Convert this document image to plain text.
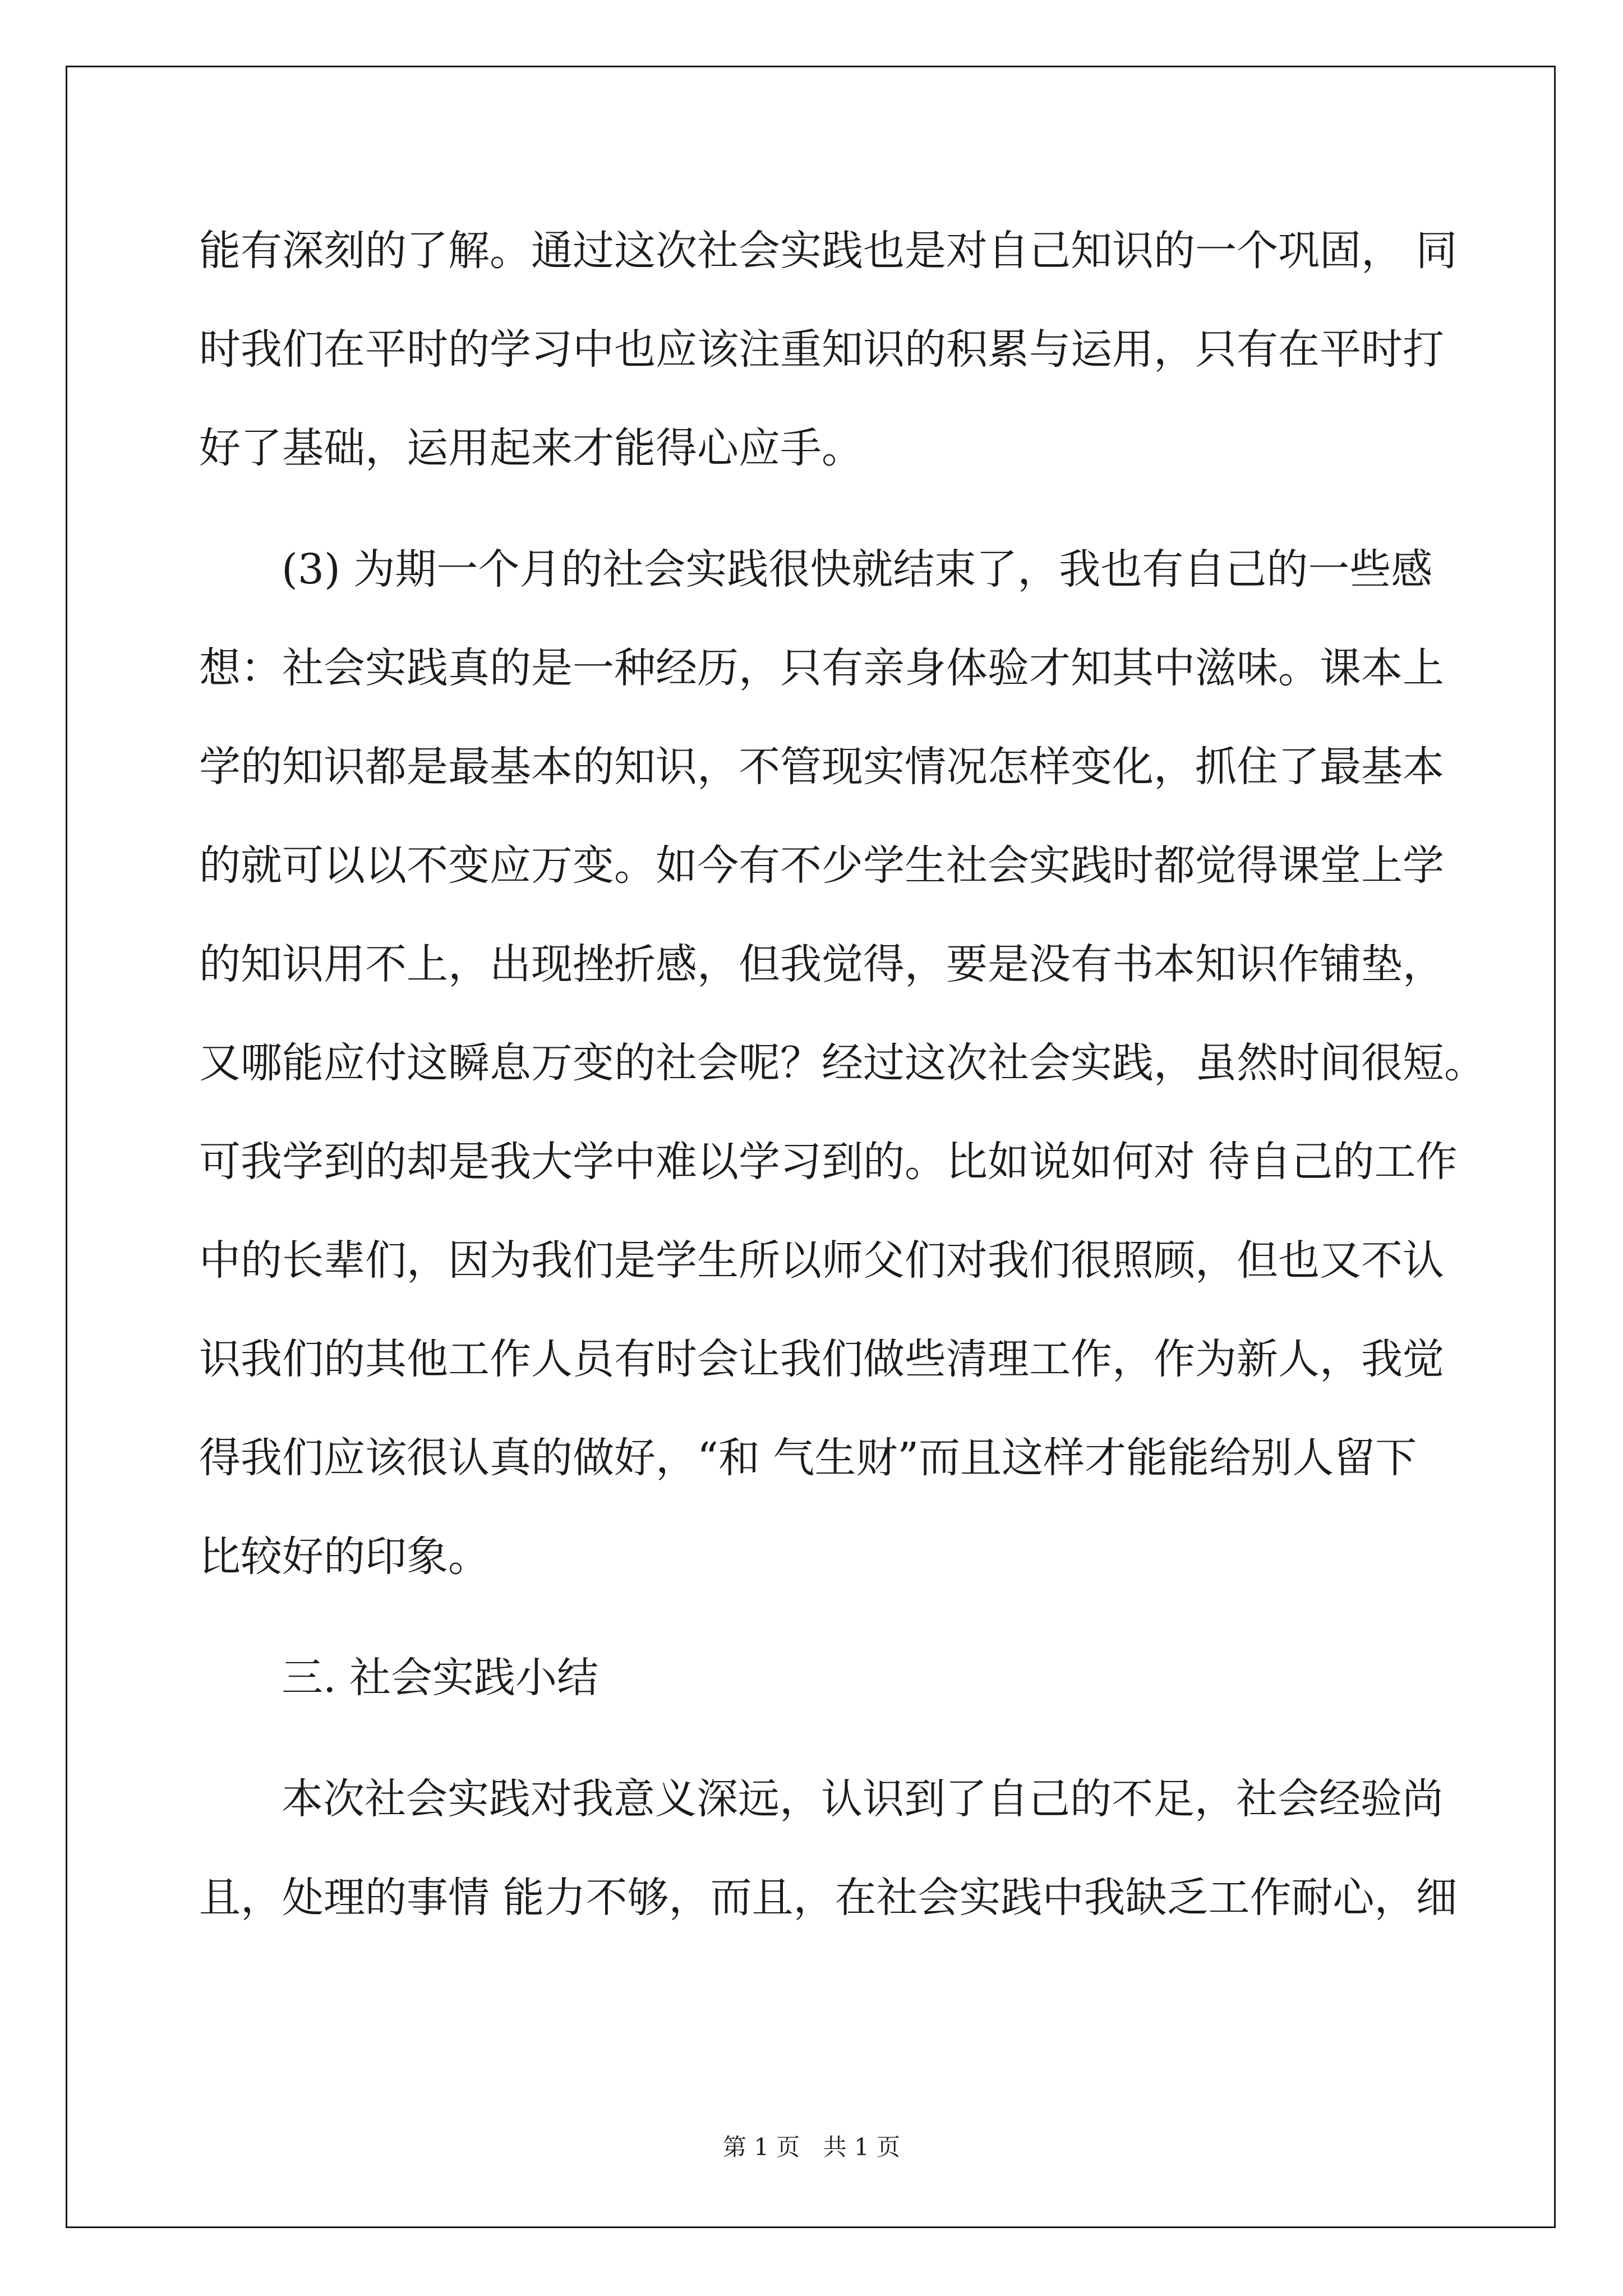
能有深刻的了解。通过这次社会实践也是对自己知识的一个巩固， 同

时我们在平时的学习中也应该注重知识的积累与运用，只有在平时打

好了基础，运用起来才能得心应手。

(3) 为期一个月的社会实践很快就结束了，我也有自己的一些感

想：社会实践真的是一种经历，只有亲身体验才知其中滋味。课本上

学的知识都是最基本的知识，不管现实情况怎样变化，抓住了最基本

的就可以以不变应万变。如今有不少学生社会实践时都觉得课堂上学

的知识用不上，出现挫折感，但我觉得，要是没有书本知识作铺垫，

又哪能应付这瞬息万变的社会呢？经过这次社会实践，虽然时间很短。

可我学到的却是我大学中难以学习到的。比如说如何对 待自己的工作

中的长辈们，因为我们是学生所以师父们对我们很照顾，但也又不认

识我们的其他工作人员有时会让我们做些清理工作，作为新人，我觉

得我们应该很认真的做好，“和 气生财”而且这样才能能给别人留下

比较好的印象。

三. 社会实践小结

本次社会实践对我意义深远，认识到了自己的不足，社会经验尚

且，处理的事情 能力不够，而且，在社会实践中我缺乏工作耐心，细

第 1 页 共 1 页
